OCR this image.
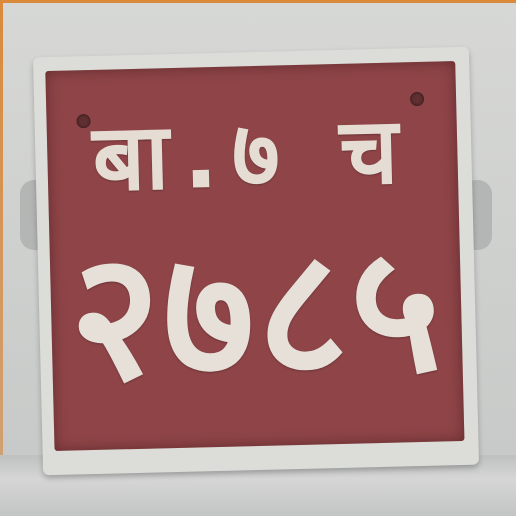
बा.७ च
२७८५
